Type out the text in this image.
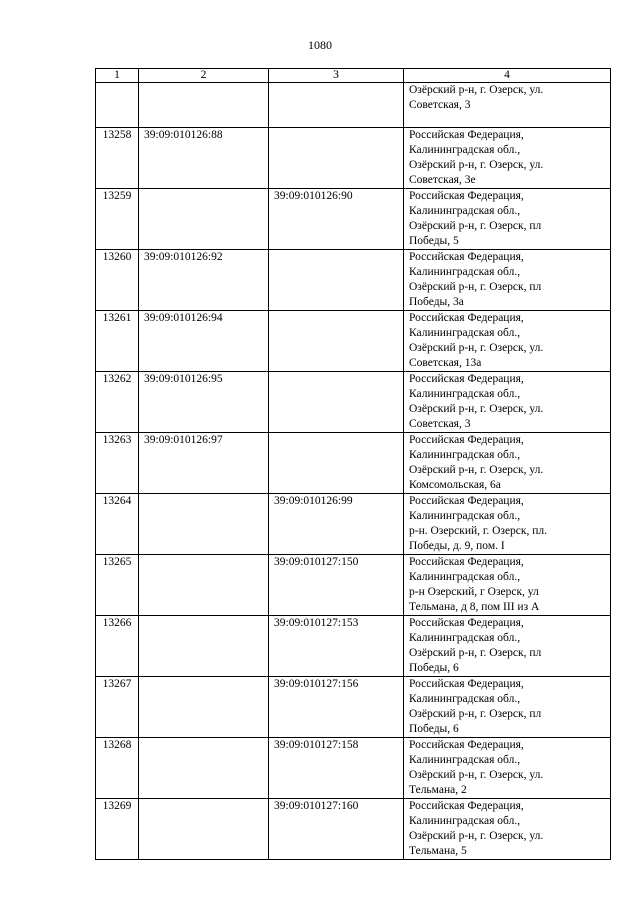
1080
1	2	3	4

			Озёрский р-н, г. Озерск, ул.
Советская, 3

13258	39:09:010126:88		Российская Федерация,
Калининградская обл.,
Озёрский р-н, г. Озерск, ул.
Советская, 3е

13259		39:09:010126:90	Российская Федерация,
Калининградская обл.,
Озёрский р-н, г. Озерск, пл
Победы, 5

13260	39:09:010126:92		Российская Федерация,
Калининградская обл.,
Озёрский р-н, г. Озерск, пл
Победы, 3а

13261	39:09:010126:94		Российская Федерация,
Калининградская обл.,
Озёрский р-н, г. Озерск, ул.
Советская, 13а

13262	39:09:010126:95		Российская Федерация,
Калининградская обл.,
Озёрский р-н, г. Озерск, ул.
Советская, 3

13263	39:09:010126:97		Российская Федерация,
Калининградская обл.,
Озёрский р-н, г. Озерск, ул.
Комсомольская, 6а

13264		39:09:010126:99	Российская Федерация,
Калининградская обл.,
р-н. Озерский, г. Озерск, пл.
Победы, д. 9, пом. I

13265		39:09:010127:150	Российская Федерация,
Калининградская обл.,
р-н Озерский, г Озерск, ул
Тельмана, д 8, пом III из А

13266		39:09:010127:153	Российская Федерация,
Калининградская обл.,
Озёрский р-н, г. Озерск, пл
Победы, 6

13267		39:09:010127:156	Российская Федерация,
Калининградская обл.,
Озёрский р-н, г. Озерск, пл
Победы, 6

13268		39:09:010127:158	Российская Федерация,
Калининградская обл.,
Озёрский р-н, г. Озерск, ул.
Тельмана, 2

13269		39:09:010127:160	Российская Федерация,
Калининградская обл.,
Озёрский р-н, г. Озерск, ул.
Тельмана, 5
